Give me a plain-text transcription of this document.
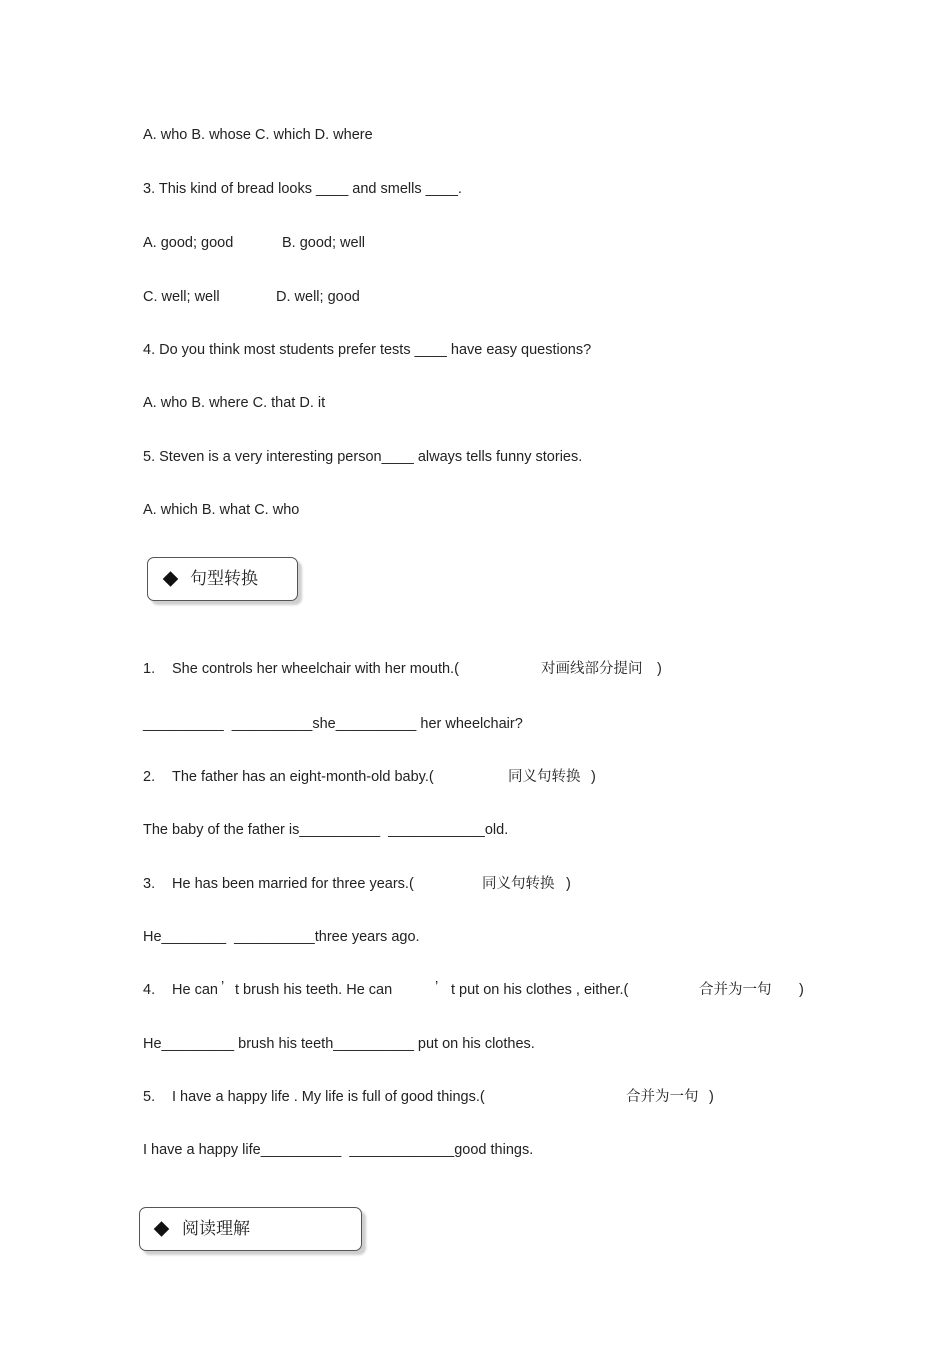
A. who B. whose C. which D. where
3. This kind of bread looks ____ and smells ____.
A. good; good	B. good; well
C. well; well	D. well; good
4. Do you think most students prefer tests ____ have easy questions?
A. who B. where C. that D. it
5. Steven is a very interesting person____ always tells funny stories.
A. which B. what C. who
句型转换
1. She controls her wheelchair with her mouth.(	对画线部分提问 )
__________  __________she__________ her wheelchair?
2. The father has an eight-month-old baby.(	同义句转换 )
The baby of the father is__________  ____________old.
3. He has been married for three years.(	同义句转换 )
He________  __________three years ago.
4. He can ’ t brush his teeth. He can	’ t put on his clothes , either.(	合并为一句 )
He_________ brush his teeth__________ put on his clothes.
5. I have a happy life . My life is full of good things.(	合并为一句 )
I have a happy life__________  _____________good things.
阅读理解
